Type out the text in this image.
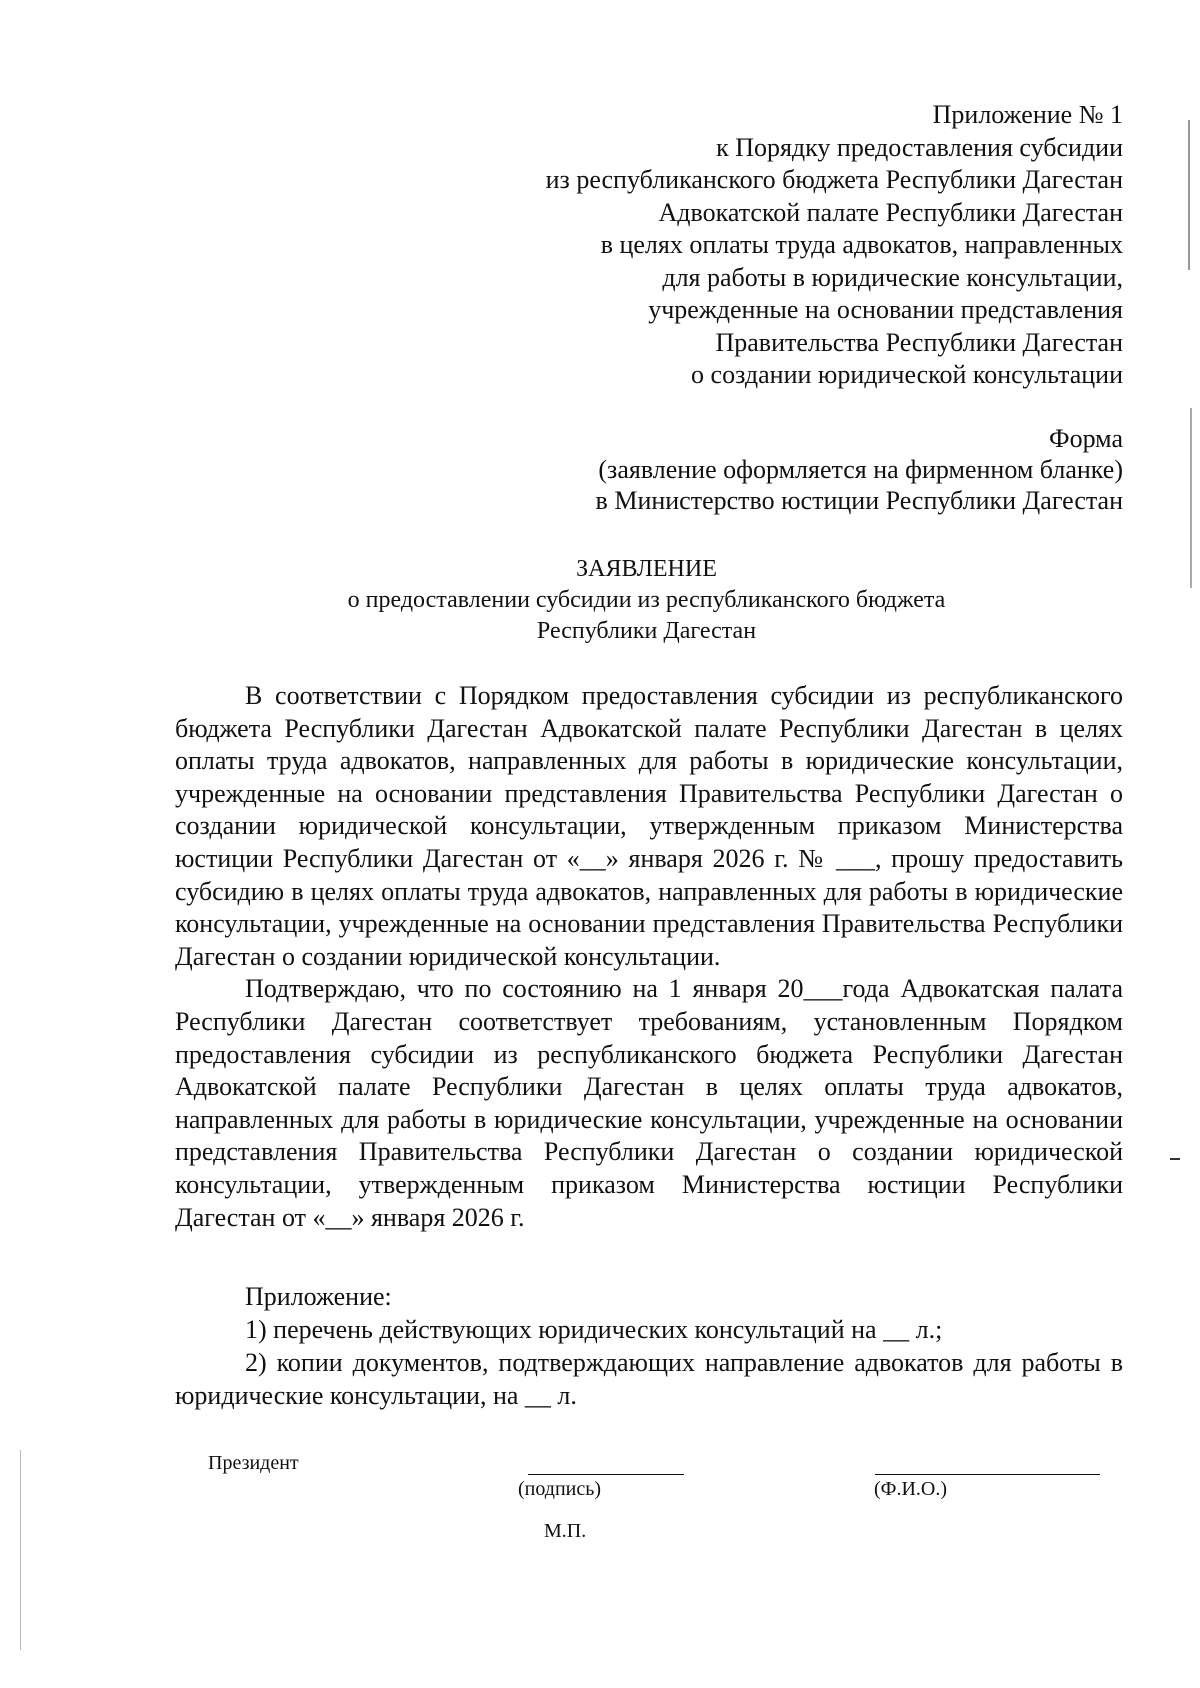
Приложение № 1
к Порядку предоставления субсидии
из республиканского бюджета Республики Дагестан
Адвокатской палате Республики Дагестан
в целях оплаты труда адвокатов, направленных
для работы в юридические консультации,
учрежденные на основании представления
Правительства Республики Дагестан
о создании юридической консультации
Форма
(заявление оформляется на фирменном бланке)
в Министерство юстиции Республики Дагестан
ЗАЯВЛЕНИЕ
о предоставлении субсидии из республиканского бюджета
Республики Дагестан

В соответствии с Порядком предоставления субсидии из республиканского бюджета Республики Дагестан Адвокатской палате Республики Дагестан в целях оплаты труда адвокатов, направленных для работы в юридические консультации, учрежденные на основании представления Правительства Республики Дагестан о создании юридической консультации, утвержденным приказом Министерства юстиции Республики Дагестан от «__» января 2026 г. № ___, прошу предоставить субсидию в целях оплаты труда адвокатов, направленных для работы в юридические консультации, учрежденные на основании представления Правительства Республики Дагестан о создании юридической консультации.

Подтверждаю, что по состоянию на 1 января 20___года Адвокатская палата Республики Дагестан соответствует требованиям, установленным Порядком предоставления субсидии из республиканского бюджета Республики Дагестан Адвокатской палате Республики Дагестан в целях оплаты труда адвокатов, направленных для работы в юридические консультации, учрежденные на основании представления Правительства Республики Дагестан о создании юридической консультации, утвержденным приказом Министерства юстиции Республики Дагестан от «__» января 2026 г.

Приложение:

1) перечень действующих юридических консультаций на __ л.;

2) копии документов, подтверждающих направление адвокатов для работы в юридические консультации, на __ л.

Президент
(подпись)	(Ф.И.О.)
М.П.
